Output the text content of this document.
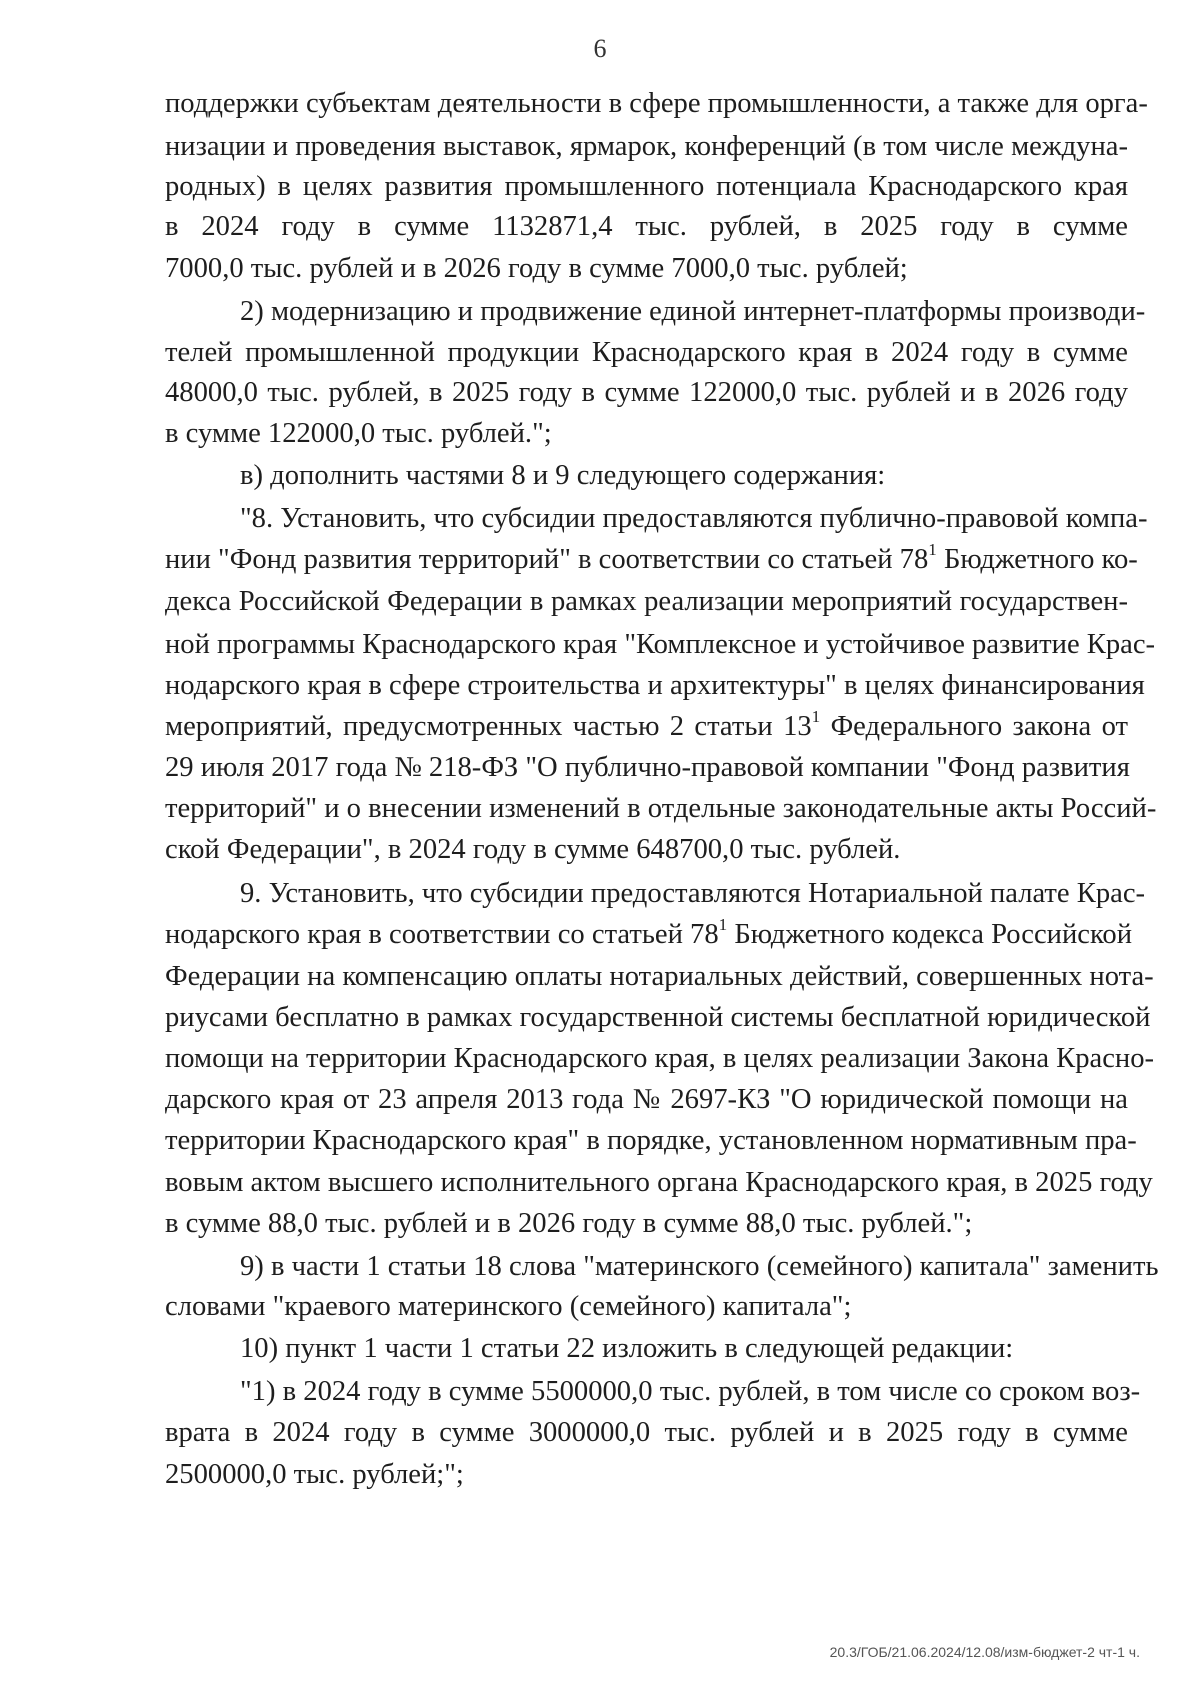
6
поддержки субъектам деятельности в сфере промышленности, а также для орга-
низации и проведения выставок, ярмарок, конференций (в том числе междуна-
родных) в целях развития промышленного потенциала Краснодарского края
в 2024 году в сумме 1132871,4 тыс. рублей, в 2025 году в сумме
7000,0 тыс. рублей и в 2026 году в сумме 7000,0 тыс. рублей;
2) модернизацию и продвижение единой интернет-платформы производи-
телей промышленной продукции Краснодарского края в 2024 году в сумме
48000,0 тыс. рублей, в 2025 году в сумме 122000,0 тыс. рублей и в 2026 году
в сумме 122000,0 тыс. рублей.";
в) дополнить частями 8 и 9 следующего содержания:
"8. Установить, что субсидии предоставляются публично-правовой компа-
нии "Фонд развития территорий" в соответствии со статьей $78^1$ Бюджетного ко-
декса Российской Федерации в рамках реализации мероприятий государствен-
ной программы Краснодарского края "Комплексное и устойчивое развитие Крас-
нодарского края в сфере строительства и архитектуры" в целях финансирования
мероприятий, предусмотренных частью 2 статьи $13^1$ Федерального закона от
29 июля 2017 года № 218-ФЗ "О публично-правовой компании "Фонд развития
территорий" и о внесении изменений в отдельные законодательные акты Россий-
ской Федерации", в 2024 году в сумме 648700,0 тыс. рублей.
9. Установить, что субсидии предоставляются Нотариальной палате Крас-
нодарского края в соответствии со статьей $78^1$ Бюджетного кодекса Российской
Федерации на компенсацию оплаты нотариальных действий, совершенных нота-
риусами бесплатно в рамках государственной системы бесплатной юридической
помощи на территории Краснодарского края, в целях реализации Закона Красно-
дарского края от 23 апреля 2013 года № 2697-КЗ "О юридической помощи на
территории Краснодарского края" в порядке, установленном нормативным пра-
вовым актом высшего исполнительного органа Краснодарского края, в 2025 году
в сумме 88,0 тыс. рублей и в 2026 году в сумме 88,0 тыс. рублей.";
9) в части 1 статьи 18 слова "материнского (семейного) капитала" заменить
словами "краевого материнского (семейного) капитала";
10) пункт 1 части 1 статьи 22 изложить в следующей редакции:
"1) в 2024 году в сумме 5500000,0 тыс. рублей, в том числе со сроком воз-
врата в 2024 году в сумме 3000000,0 тыс. рублей и в 2025 году в сумме
2500000,0 тыс. рублей;";
20.3/ГОБ/21.06.2024/12.08/изм-бюджет-2 чт-1 ч.
